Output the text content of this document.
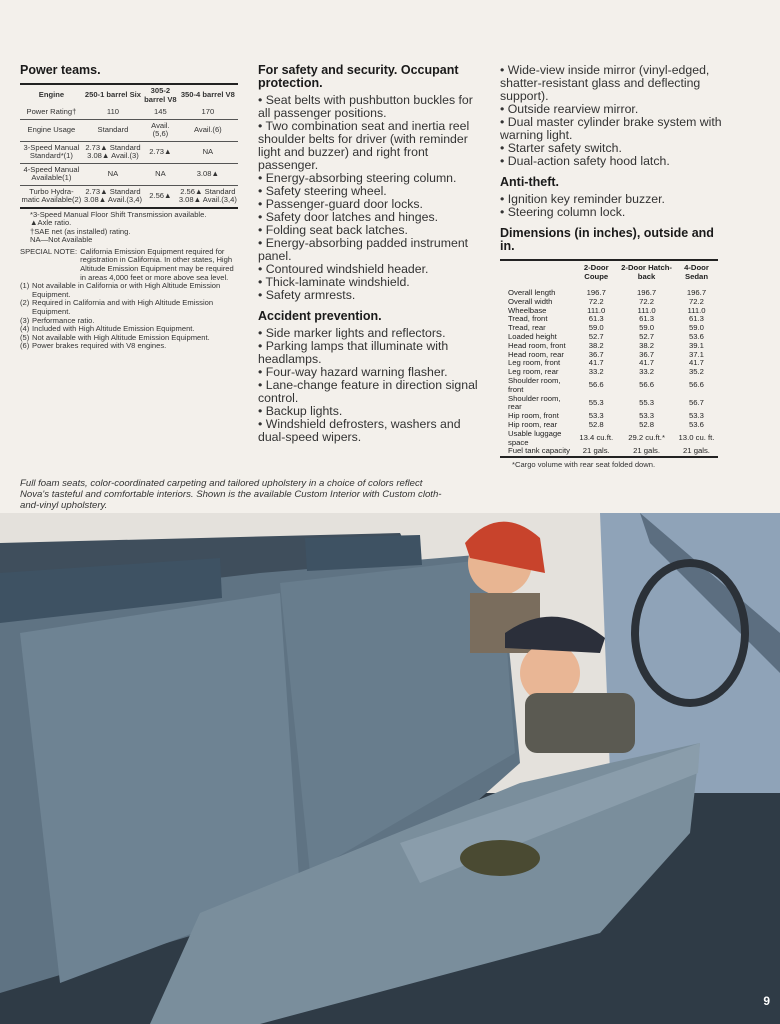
Power teams.
Engine	250-1 barrel Six	305-2 barrel V8	350-4 barrel V8
Power Rating†	110	145	170
Engine Usage	Standard	Avail.(5,6)	Avail.(6)
3-Speed Manual Standard*(1)	2.73▲ Standard 3.08▲ Avail.(3)	2.73▲	NA
4-Speed Manual Available(1)	NA	NA	3.08▲
Turbo Hydra-matic Available(2)	2.73▲ Standard 3.08▲ Avail.(3,4)	2.56▲	2.56▲ Standard 3.08▲ Avail.(3,4)
*3-Speed Manual Floor Shift Transmission available.
▲Axle ratio.
†SAE net (as installed) rating.
NA—Not Available
SPECIAL NOTE: California Emission Equipment required for registration in California. In other states, High Altitude Emission Equipment may be required in areas 4,000 feet or more above sea level.
(1) Not available in California or with High Altitude Emission Equipment.
(2) Required in California and with High Altitude Emission Equipment.
(3) Performance ratio.
(4) Included with High Altitude Emission Equipment.
(5) Not available with High Altitude Emission Equipment.
(6) Power brakes required with V8 engines.
For safety and security. Occupant protection.
• Seat belts with pushbutton buckles for all passenger positions.
• Two combination seat and inertia reel shoulder belts for driver (with reminder light and buzzer) and right front passenger.
• Energy-absorbing steering column.
• Safety steering wheel.
• Passenger-guard door locks.
• Safety door latches and hinges.
• Folding seat back latches.
• Energy-absorbing padded instrument panel.
• Contoured windshield header.
• Thick-laminate windshield.
• Safety armrests.
Accident prevention.
• Side marker lights and reflectors.
• Parking lamps that illuminate with headlamps.
• Four-way hazard warning flasher.
• Lane-change feature in direction signal control.
• Backup lights.
• Windshield defrosters, washers and dual-speed wipers.
• Wide-view inside mirror (vinyl-edged, shatter-resistant glass and deflecting support).
• Outside rearview mirror.
• Dual master cylinder brake system with warning light.
• Starter safety switch.
• Dual-action safety hood latch.
Anti-theft.
• Ignition key reminder buzzer.
• Steering column lock.
Dimensions (in inches), outside and in.
	2-Door Coupe	2-Door Hatch-back	4-Door Sedan
Overall length	196.7	196.7	196.7
Overall width	72.2	72.2	72.2
Wheelbase	111.0	111.0	111.0
Tread, front	61.3	61.3	61.3
Tread, rear	59.0	59.0	59.0
Loaded height	52.7	52.7	53.6
Head room, front	38.2	38.2	39.1
Head room, rear	36.7	36.7	37.1
Leg room, front	41.7	41.7	41.7
Leg room, rear	33.2	33.2	35.2
Shoulder room, front	56.6	56.6	56.6
Shoulder room, rear	55.3	55.3	56.7
Hip room, front	53.3	53.3	53.3
Hip room, rear	52.8	52.8	53.6
Usable luggage space	13.4 cu.ft.	29.2 cu.ft.*	13.0 cu. ft.
Fuel tank capacity	21 gals.	21 gals.	21 gals.
*Cargo volume with rear seat folded down.
Full foam seats, color-coordinated carpeting and tailored upholstery in a choice of colors reflect Nova's tasteful and comfortable interiors. Shown is the available Custom Interior with Custom cloth-and-vinyl upholstery.
9
